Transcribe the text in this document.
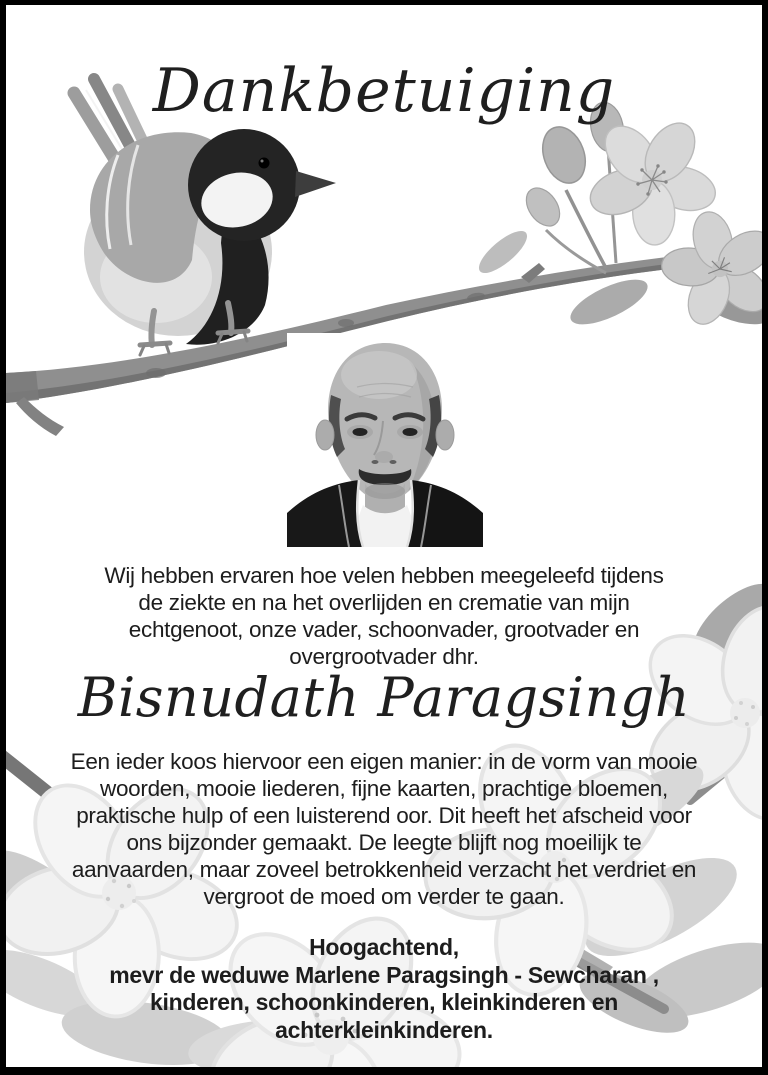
Dankbetuiging
Wij hebben ervaren hoe velen hebben meegeleefd tijdens
de ziekte en na het overlijden en crematie van mijn
echtgenoot, onze vader, schoonvader, grootvader en
overgrootvader dhr.
Bisnudath Paragsingh
Een ieder koos hiervoor een eigen manier: in de vorm van mooie
woorden, mooie liederen, fijne kaarten, prachtige bloemen,
praktische hulp of een luisterend oor. Dit heeft het afscheid voor
ons bijzonder gemaakt. De leegte blijft nog moeilijk te
aanvaarden, maar zoveel betrokkenheid verzacht het verdriet en
vergroot de moed om verder te gaan.
Hoogachtend,
mevr de weduwe Marlene Paragsingh - Sewcharan ,
kinderen, schoonkinderen, kleinkinderen en
achterkleinkinderen.
